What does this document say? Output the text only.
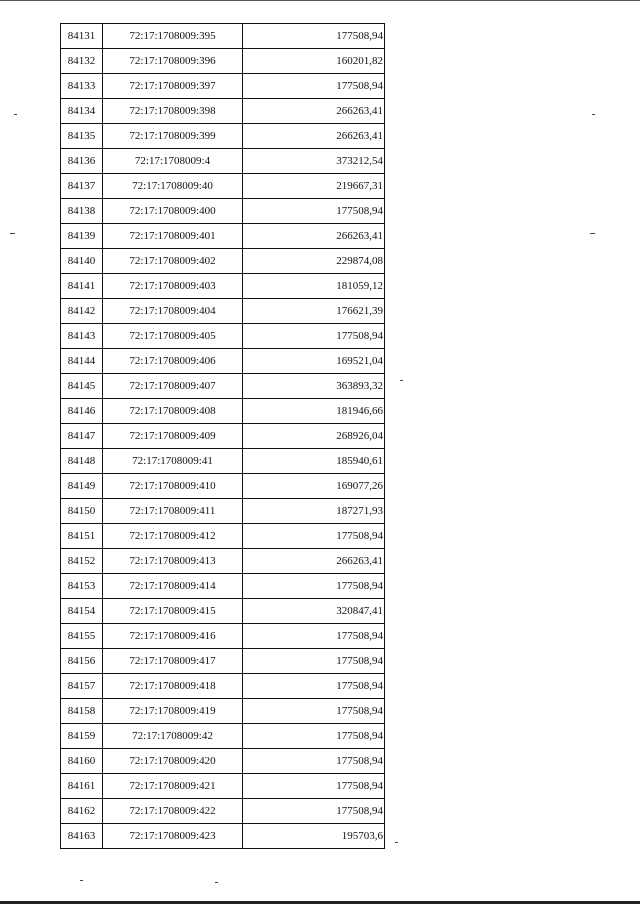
84131	72:17:1708009:395	177508,94
84132	72:17:1708009:396	160201,82
84133	72:17:1708009:397	177508,94
84134	72:17:1708009:398	266263,41
84135	72:17:1708009:399	266263,41
84136	72:17:1708009:4	373212,54
84137	72:17:1708009:40	219667,31
84138	72:17:1708009:400	177508,94
84139	72:17:1708009:401	266263,41
84140	72:17:1708009:402	229874,08
84141	72:17:1708009:403	181059,12
84142	72:17:1708009:404	176621,39
84143	72:17:1708009:405	177508,94
84144	72:17:1708009:406	169521,04
84145	72:17:1708009:407	363893,32
84146	72:17:1708009:408	181946,66
84147	72:17:1708009:409	268926,04
84148	72:17:1708009:41	185940,61
84149	72:17:1708009:410	169077,26
84150	72:17:1708009:411	187271,93
84151	72:17:1708009:412	177508,94
84152	72:17:1708009:413	266263,41
84153	72:17:1708009:414	177508,94
84154	72:17:1708009:415	320847,41
84155	72:17:1708009:416	177508,94
84156	72:17:1708009:417	177508,94
84157	72:17:1708009:418	177508,94
84158	72:17:1708009:419	177508,94
84159	72:17:1708009:42	177508,94
84160	72:17:1708009:420	177508,94
84161	72:17:1708009:421	177508,94
84162	72:17:1708009:422	177508,94
84163	72:17:1708009:423	195703,6
